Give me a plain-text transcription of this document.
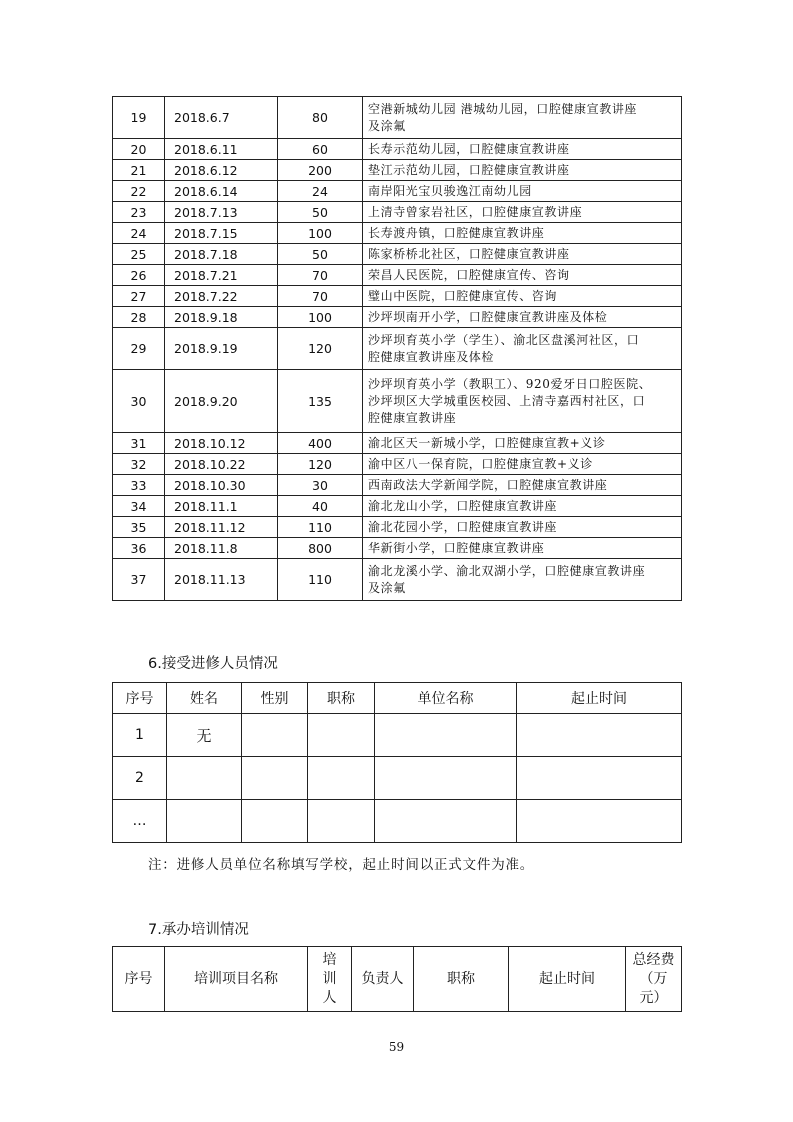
19	2018.6.7	80	空港新城幼儿园 港城幼儿园，口腔健康宣教讲座
及涂氟

20	2018.6.11	60	长寿示范幼儿园，口腔健康宣教讲座

21	2018.6.12	200	垫江示范幼儿园，口腔健康宣教讲座

22	2018.6.14	24	南岸阳光宝贝骏逸江南幼儿园

23	2018.7.13	50	上清寺曾家岩社区，口腔健康宣教讲座

24	2018.7.15	100	长寿渡舟镇，口腔健康宣教讲座

25	2018.7.18	50	陈家桥桥北社区，口腔健康宣教讲座

26	2018.7.21	70	荣昌人民医院，口腔健康宣传、咨询

27	2018.7.22	70	璧山中医院，口腔健康宣传、咨询

28	2018.9.18	100	沙坪坝南开小学，口腔健康宣教讲座及体检

29	2018.9.19	120	沙坪坝育英小学（学生）、渝北区盘溪河社区，口
腔健康宣教讲座及体检

30	2018.9.20	135	沙坪坝育英小学（教职工）、920爱牙日口腔医院、
沙坪坝区大学城重医校园、上清寺嘉西村社区，口
腔健康宣教讲座

31	2018.10.12	400	渝北区天一新城小学，口腔健康宣教+义诊

32	2018.10.22	120	渝中区八一保育院，口腔健康宣教+义诊

33	2018.10.30	30	西南政法大学新闻学院，口腔健康宣教讲座

34	2018.11.1	40	渝北龙山小学，口腔健康宣教讲座

35	2018.11.12	110	渝北花园小学，口腔健康宣教讲座

36	2018.11.8	800	华新街小学，口腔健康宣教讲座

37	2018.11.13	110	渝北龙溪小学、渝北双湖小学，口腔健康宣教讲座
及涂氟
6.接受进修人员情况
序号	姓名	性别	职称	单位名称	起止时间
1	无				
2					
…					
注：进修人员单位名称填写学校，起止时间以正式文件为准。
7.承办培训情况
序号	培训项目名称	培训人	负责人	职称	起止时间	总经费（万元）
59
